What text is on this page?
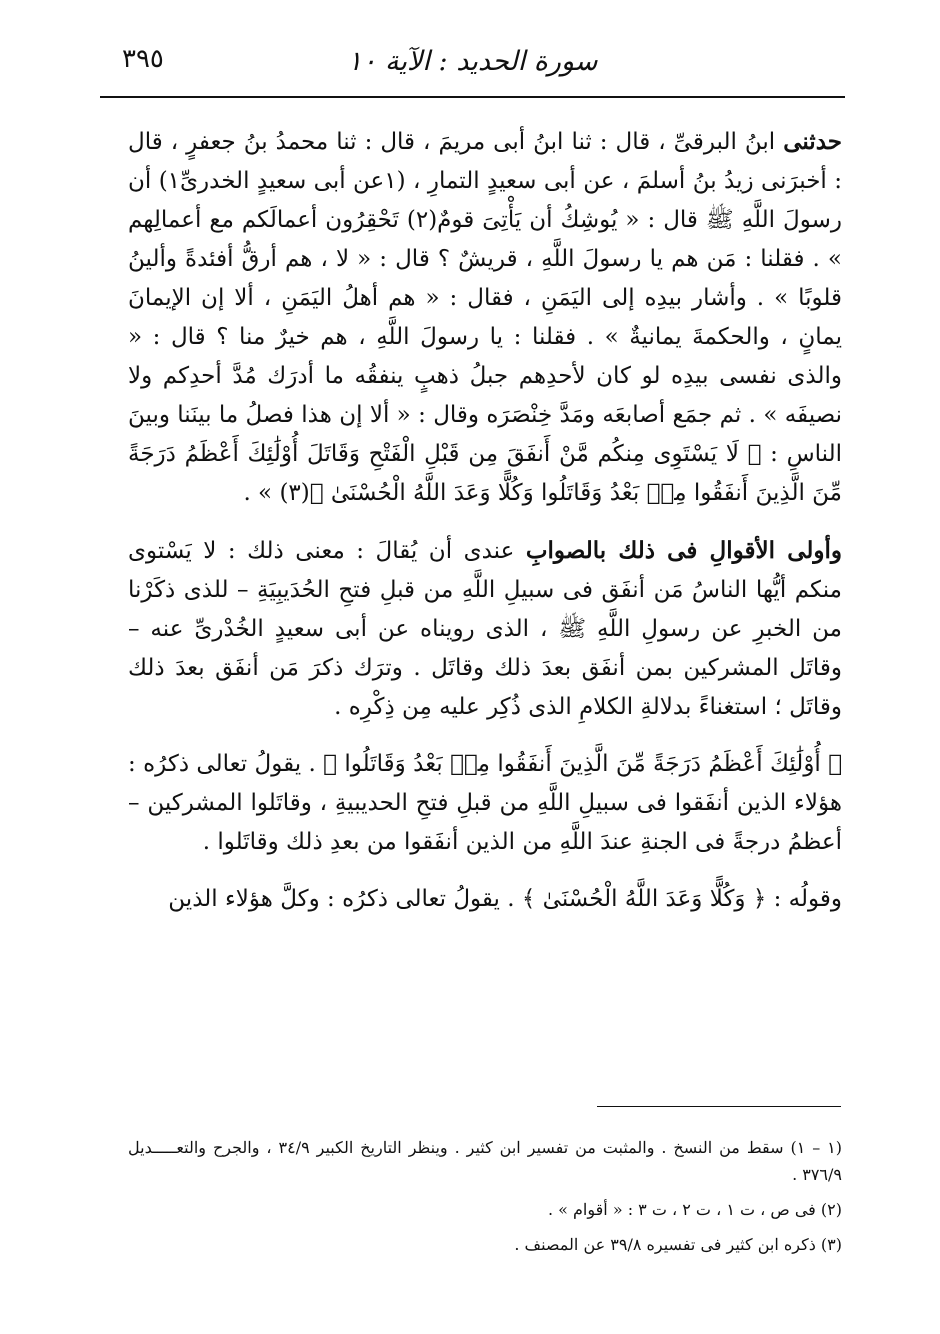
سورة الحديد : الآية ١٠
٣٩٥

حدثنى ابنُ البرقىِّ ، قال : ثنا ابنُ أبى مريمَ ، قال : ثنا محمدُ بنُ جعفرٍ ، قال : أخبرَنى زيدُ بنُ أسلمَ ، عن أبى سعيدٍ التمارِ ، (١عن أبى سعيدٍ الخدرىِّ١) أن رسولَ اللَّهِ ﷺ قال : « يُوشِكُ أن يَأْتِىَ قومٌ(٢) تَحْقِرُون أعمالَكم مع أعمالِهم » . فقلنا : مَن هم يا رسولَ اللَّهِ ، قريشٌ ؟ قال : « لا ، هم أرقُّ أفئدةً وألينُ قلوبًا » . وأشار بيدِه إلى اليَمَنِ ، فقال : « هم أهلُ اليَمَنِ ، ألا إن الإيمانَ يمانٍ ، والحكمةَ يمانيةٌ » . فقلنا : يا رسولَ اللَّهِ ، هم خيرٌ منا ؟ قال : « والذى نفسى بيدِه لو كان لأحدِهم جبلُ ذهبٍ ينفقُه ما أدرَك مُدَّ أحدِكم ولا نصيفَه » . ثم جمَع أصابعَه ومَدَّ خِنْصَرَه وقال : « ألا إن هذا فصلُ ما بينَنا وبينَ الناسِ : ﴿ لَا يَسْتَوِى مِنكُم مَّنْ أَنفَقَ مِن قَبْلِ الْفَتْحِ وَقَاتَلَ أُوْلَٰئِكَ أَعْظَمُ دَرَجَةً مِّنَ الَّذِينَ أَنفَقُوا مِنۢ بَعْدُ وَقَاتَلُوا وَكُلًّا وَعَدَ اللَّهُ الْحُسْنَىٰ ﴾(٣) » .

وأولى الأقوالِ فى ذلك بالصوابِ عندى أن يُقالَ : معنى ذلك : لا يَسْتوى منكم أيُّها الناسُ مَن أنفَق فى سبيلِ اللَّهِ من قبلِ فتحِ الحُدَيبِيَةِ – للذى ذكَرْنا من الخبرِ عن رسولِ اللَّهِ ﷺ ، الذى رويناه عن أبى سعيدٍ الخُدْرىِّ عنه – وقاتَل المشركين بمن أنفَق بعدَ ذلك وقاتَل . وترَك ذكرَ مَن أنفَق بعدَ ذلك وقاتَل ؛ استغناءً بدلالةِ الكلامِ الذى ذُكِر عليه مِن ذِكْرِه .

﴿ أُوْلَٰئِكَ أَعْظَمُ دَرَجَةً مِّنَ الَّذِينَ أَنفَقُوا مِنۢ بَعْدُ وَقَاتَلُوا ﴾ . يقولُ تعالى ذكرُه : هؤلاء الذين أنفَقوا فى سبيلِ اللَّهِ من قبلِ فتحِ الحديبيةِ ، وقاتَلوا المشركين – أعظمُ درجةً فى الجنةِ عندَ اللَّهِ من الذين أنفَقوا من بعدِ ذلك وقاتَلوا .

وقولُه : ﴿ وَكُلًّا وَعَدَ اللَّهُ الْحُسْنَىٰ ﴾ . يقولُ تعالى ذكرُه : وكلَّ هؤلاء الذين

(١ – ١) سقط من النسخ . والمثبت من تفسير ابن كثير . وينظر التاريخ الكبير ٣٤/٩ ، والجرح والتعـــــديل ٣٧٦/٩ .

(٢) فى ص ، ت ١ ، ت ٢ ، ت ٣ : « أقوام » .

(٣) ذكره ابن كثير فى تفسيره ٣٩/٨ عن المصنف .
